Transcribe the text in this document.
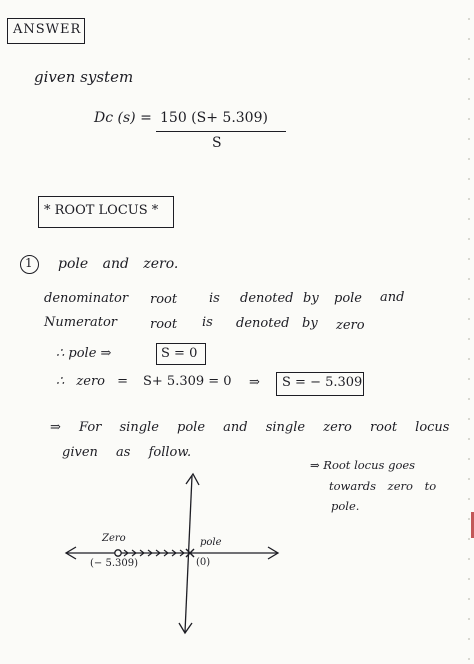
ANSWER
given system
Dc (s) = 150 (S+ 5.309)
S
* ROOT LOCUS *
1 pole and zero.
denominator root is denoted by pole and
Numerator	root is denoted by zero
∴ pole ⇒	S = 0
∴ zero = S+ 5.309 = 0 ⇒ S = − 5.309
⇒ For single pole and single zero root locus
given as follow.
⇒ Root locus goes
towards zero to
pole.
Zero
(− 5.309)
pole
(0)
